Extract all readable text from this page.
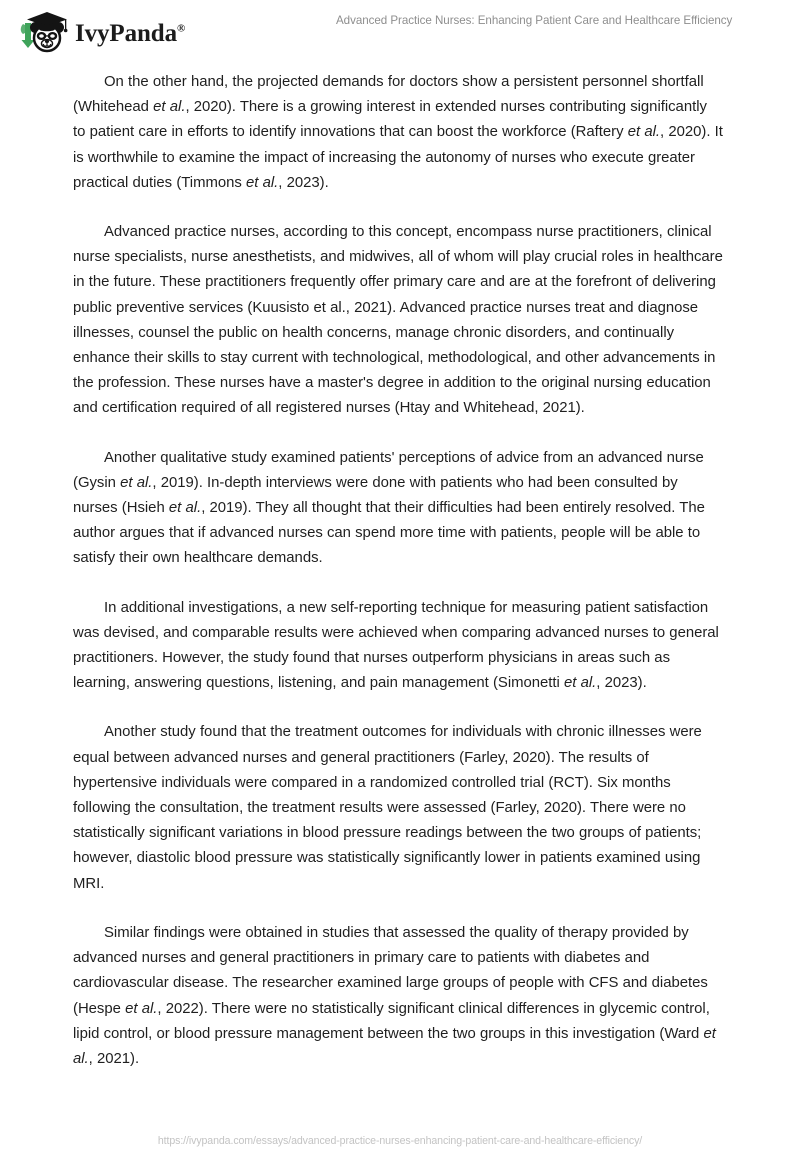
IvyPanda®
Advanced Practice Nurses: Enhancing Patient Care and Healthcare Efficiency

On the other hand, the projected demands for doctors show a persistent personnel shortfall (Whitehead et al., 2020). There is a growing interest in extended nurses contributing significantly to patient care in efforts to identify innovations that can boost the workforce (Raftery et al., 2020). It is worthwhile to examine the impact of increasing the autonomy of nurses who execute greater practical duties (Timmons et al., 2023).

Advanced practice nurses, according to this concept, encompass nurse practitioners, clinical nurse specialists, nurse anesthetists, and midwives, all of whom will play crucial roles in healthcare in the future. These practitioners frequently offer primary care and are at the forefront of delivering public preventive services (Kuusisto et al., 2021). Advanced practice nurses treat and diagnose illnesses, counsel the public on health concerns, manage chronic disorders, and continually enhance their skills to stay current with technological, methodological, and other advancements in the profession. These nurses have a master's degree in addition to the original nursing education and certification required of all registered nurses (Htay and Whitehead, 2021).

Another qualitative study examined patients' perceptions of advice from an advanced nurse (Gysin et al., 2019). In-depth interviews were done with patients who had been consulted by nurses (Hsieh et al., 2019). They all thought that their difficulties had been entirely resolved. The author argues that if advanced nurses can spend more time with patients, people will be able to satisfy their own healthcare demands.

In additional investigations, a new self-reporting technique for measuring patient satisfaction was devised, and comparable results were achieved when comparing advanced nurses to general practitioners. However, the study found that nurses outperform physicians in areas such as learning, answering questions, listening, and pain management (Simonetti et al., 2023).

Another study found that the treatment outcomes for individuals with chronic illnesses were equal between advanced nurses and general practitioners (Farley, 2020). The results of hypertensive individuals were compared in a randomized controlled trial (RCT). Six months following the consultation, the treatment results were assessed (Farley, 2020). There were no statistically significant variations in blood pressure readings between the two groups of patients; however, diastolic blood pressure was statistically significantly lower in patients examined using MRI.

Similar findings were obtained in studies that assessed the quality of therapy provided by advanced nurses and general practitioners in primary care to patients with diabetes and cardiovascular disease. The researcher examined large groups of people with CFS and diabetes (Hespe et al., 2022). There were no statistically significant clinical differences in glycemic control, lipid control, or blood pressure management between the two groups in this investigation (Ward et al., 2021).

https://ivypanda.com/essays/advanced-practice-nurses-enhancing-patient-care-and-healthcare-efficiency/
